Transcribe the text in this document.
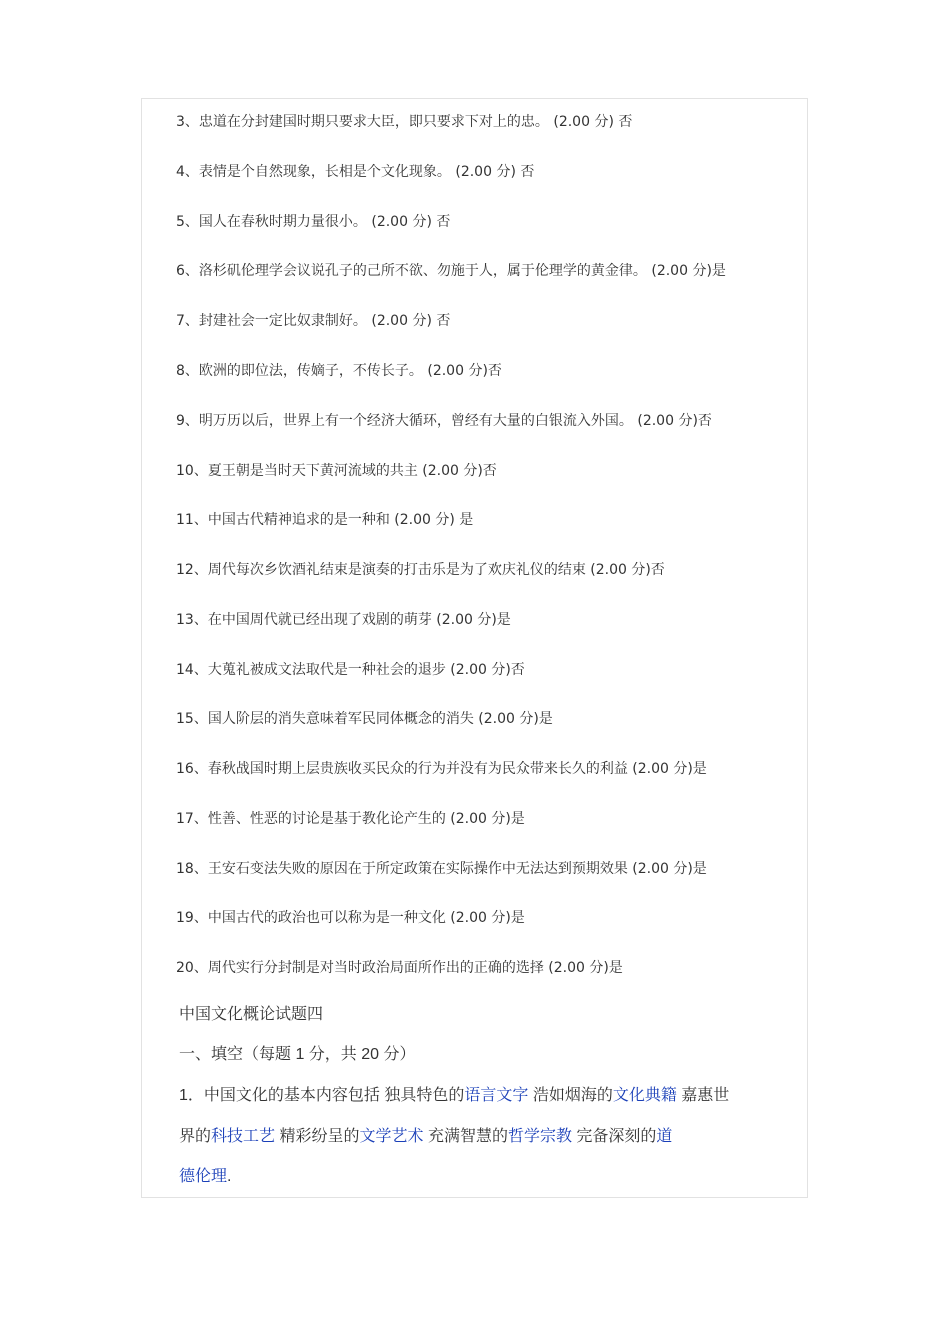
3、忠道在分封建国时期只要求大臣，即只要求下对上的忠。 (2.00 分) 否
4、表情是个自然现象，长相是个文化现象。 (2.00 分) 否
5、国人在春秋时期力量很小。 (2.00 分) 否
6、洛杉矶伦理学会议说孔子的己所不欲、勿施于人，属于伦理学的黄金律。 (2.00 分)是
7、封建社会一定比奴隶制好。 (2.00 分) 否
8、欧洲的即位法，传嫡子，不传长子。 (2.00 分)否
9、明万历以后，世界上有一个经济大循环，曾经有大量的白银流入外国。 (2.00 分)否
10、夏王朝是当时天下黄河流域的共主 (2.00 分)否
11、中国古代精神追求的是一种和 (2.00 分) 是
12、周代每次乡饮酒礼结束是演奏的打击乐是为了欢庆礼仪的结束 (2.00 分)否
13、在中国周代就已经出现了戏剧的萌芽 (2.00 分)是
14、大蒐礼被成文法取代是一种社会的退步 (2.00 分)否
15、国人阶层的消失意味着军民同体概念的消失 (2.00 分)是
16、春秋战国时期上层贵族收买民众的行为并没有为民众带来长久的利益 (2.00 分)是
17、性善、性恶的讨论是基于教化论产生的 (2.00 分)是
18、王安石变法失败的原因在于所定政策在实际操作中无法达到预期效果 (2.00 分)是
19、中国古代的政治也可以称为是一种文化 (2.00 分)是
20、周代实行分封制是对当时政治局面所作出的正确的选择 (2.00 分)是
中国文化概论试题四
一、填空（每题 1 分，共 20 分）
1．中国文化的基本内容包括 独具特色的语言文字 浩如烟海的文化典籍 嘉惠世
界的科技工艺 精彩纷呈的文学艺术 充满智慧的哲学宗教 完备深刻的道
德伦理.
